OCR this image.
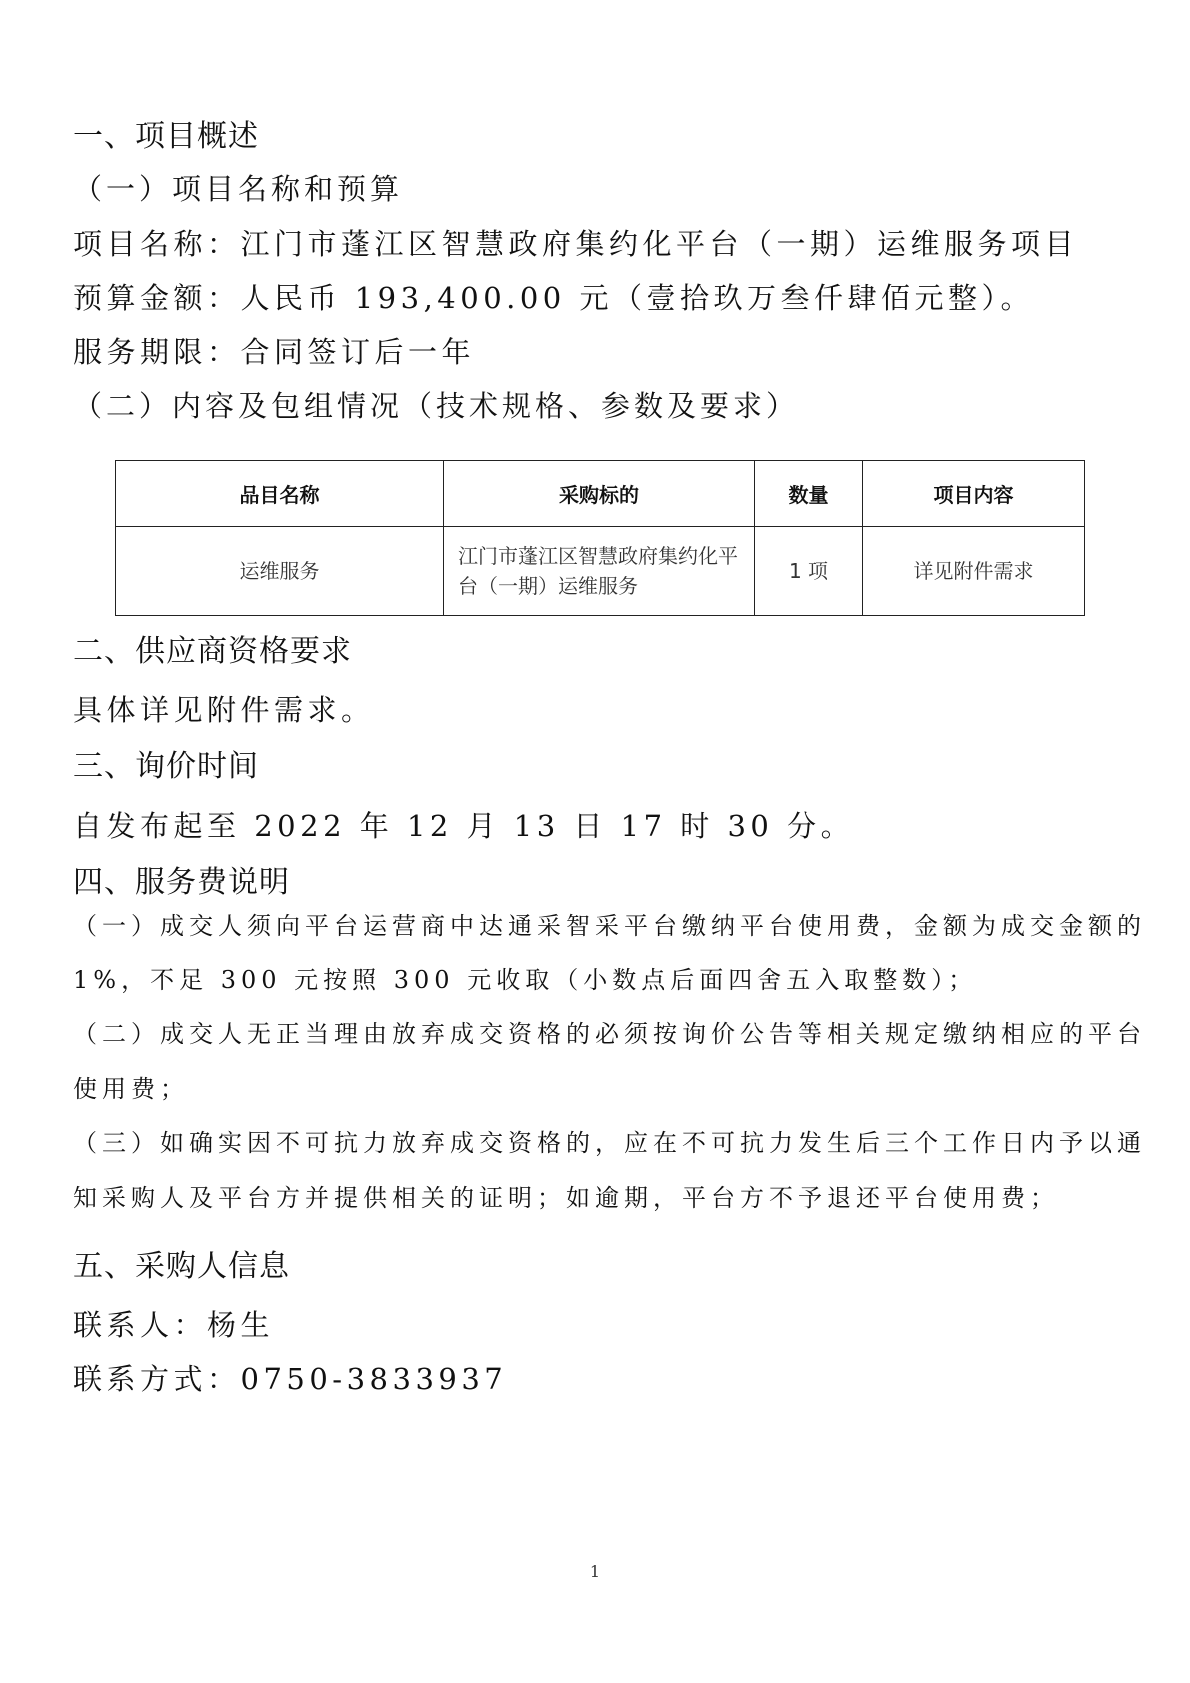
一、项目概述
（一）项目名称和预算
项目名称：江门市蓬江区智慧政府集约化平台（一期）运维服务项目
预算金额：人民币 193,400.00 元（壹拾玖万叁仟肆佰元整）。
服务期限：合同签订后一年
（二）内容及包组情况（技术规格、参数及要求）
品目名称	采购标的	数量	项目内容
运维服务	江门市蓬江区智慧政府集约化平台（一期）运维服务	1 项	详见附件需求
二、供应商资格要求
具体详见附件需求。
三、询价时间
自发布起至 2022 年 12 月 13 日 17 时 30 分。
四、服务费说明
（一）成交人须向平台运营商中达通采智采平台缴纳平台使用费，金额为成交金额的
1%，不足 300 元按照 300 元收取（小数点后面四舍五入取整数）；
（二）成交人无正当理由放弃成交资格的必须按询价公告等相关规定缴纳相应的平台
使用费；
（三）如确实因不可抗力放弃成交资格的，应在不可抗力发生后三个工作日内予以通
知采购人及平台方并提供相关的证明；如逾期，平台方不予退还平台使用费；
五、采购人信息
联系人：杨生
联系方式：0750-3833937
1
